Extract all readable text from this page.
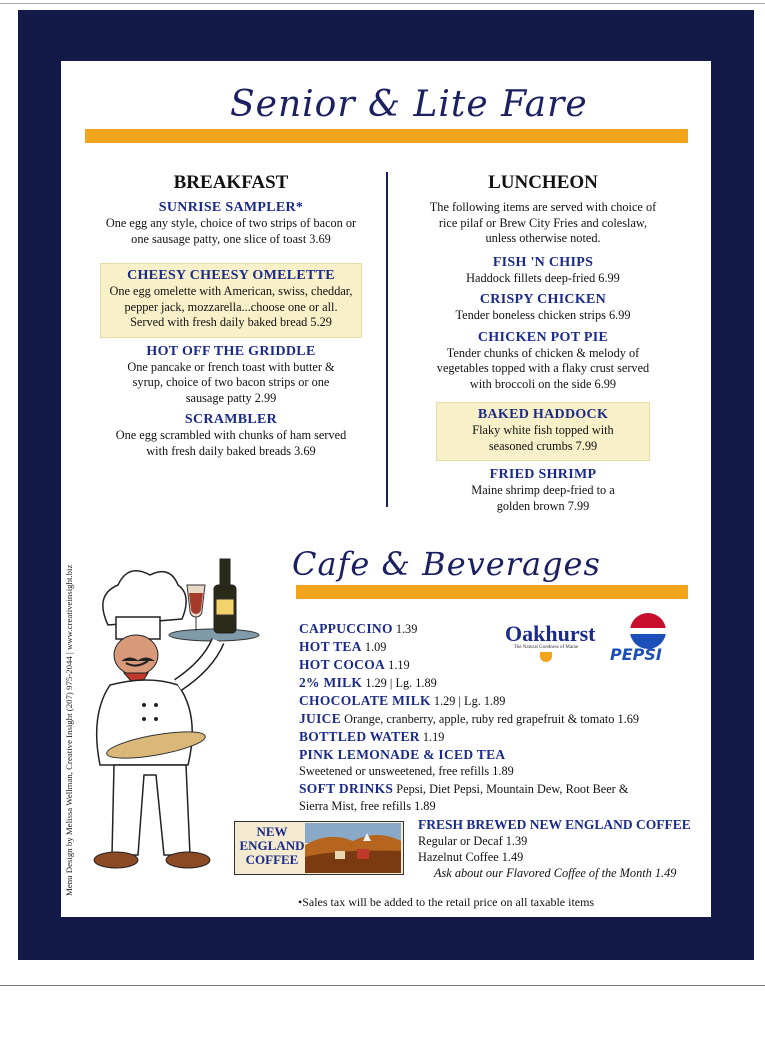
Senior & Lite Fare
BREAKFAST
SUNRISE SAMPLER*
One egg any style, choice of two strips of bacon or one sausage patty, one slice of toast 3.69
CHEESY CHEESY OMELETTE
One egg omelette with American, swiss, cheddar, pepper jack, mozzarella...choose one or all. Served with fresh daily baked bread 5.29
HOT OFF THE GRIDDLE
One pancake or french toast with butter & syrup, choice of two bacon strips or one sausage patty 2.99
SCRAMBLER
One egg scrambled with chunks of ham served with fresh daily baked breads 3.69
LUNCHEON
The following items are served with choice of rice pilaf or Brew City Fries and coleslaw, unless otherwise noted.
FISH 'N CHIPS
Haddock fillets deep-fried 6.99
CRISPY CHICKEN
Tender boneless chicken strips 6.99
CHICKEN POT PIE
Tender chunks of chicken & melody of vegetables topped with a flaky crust served with broccoli on the side 6.99
BAKED HADDOCK
Flaky white fish topped with seasoned crumbs 7.99
FRIED SHRIMP
Maine shrimp deep-fried to a golden brown 7.99
Cafe & Beverages
Menu Design by Melissa Wellman, Creative Insight (207) 975-2044 | www.creativeinsight.biz	Oakhurst
The Natural Goodness of Maine	PEPSI
CAPPUCCINO 1.39
HOT TEA 1.09
HOT COCOA 1.19
2% MILK 1.29 | Lg. 1.89
CHOCOLATE MILK 1.29 | Lg. 1.89
JUICE Orange, cranberry, apple, ruby red grapefruit & tomato 1.69
BOTTLED WATER 1.19
PINK LEMONADE & ICED TEA
Sweetened or unsweetened, free refills 1.89
SOFT DRINKS Pepsi, Diet Pepsi, Mountain Dew, Root Beer & Sierra Mist, free refills 1.89
NEW
ENGLAND
COFFEE
FRESH BREWED NEW ENGLAND COFFEE
Regular or Decaf 1.39
Hazelnut Coffee 1.49
Ask about our Flavored Coffee of the Month 1.49
•Sales tax will be added to the retail price on all taxable items
